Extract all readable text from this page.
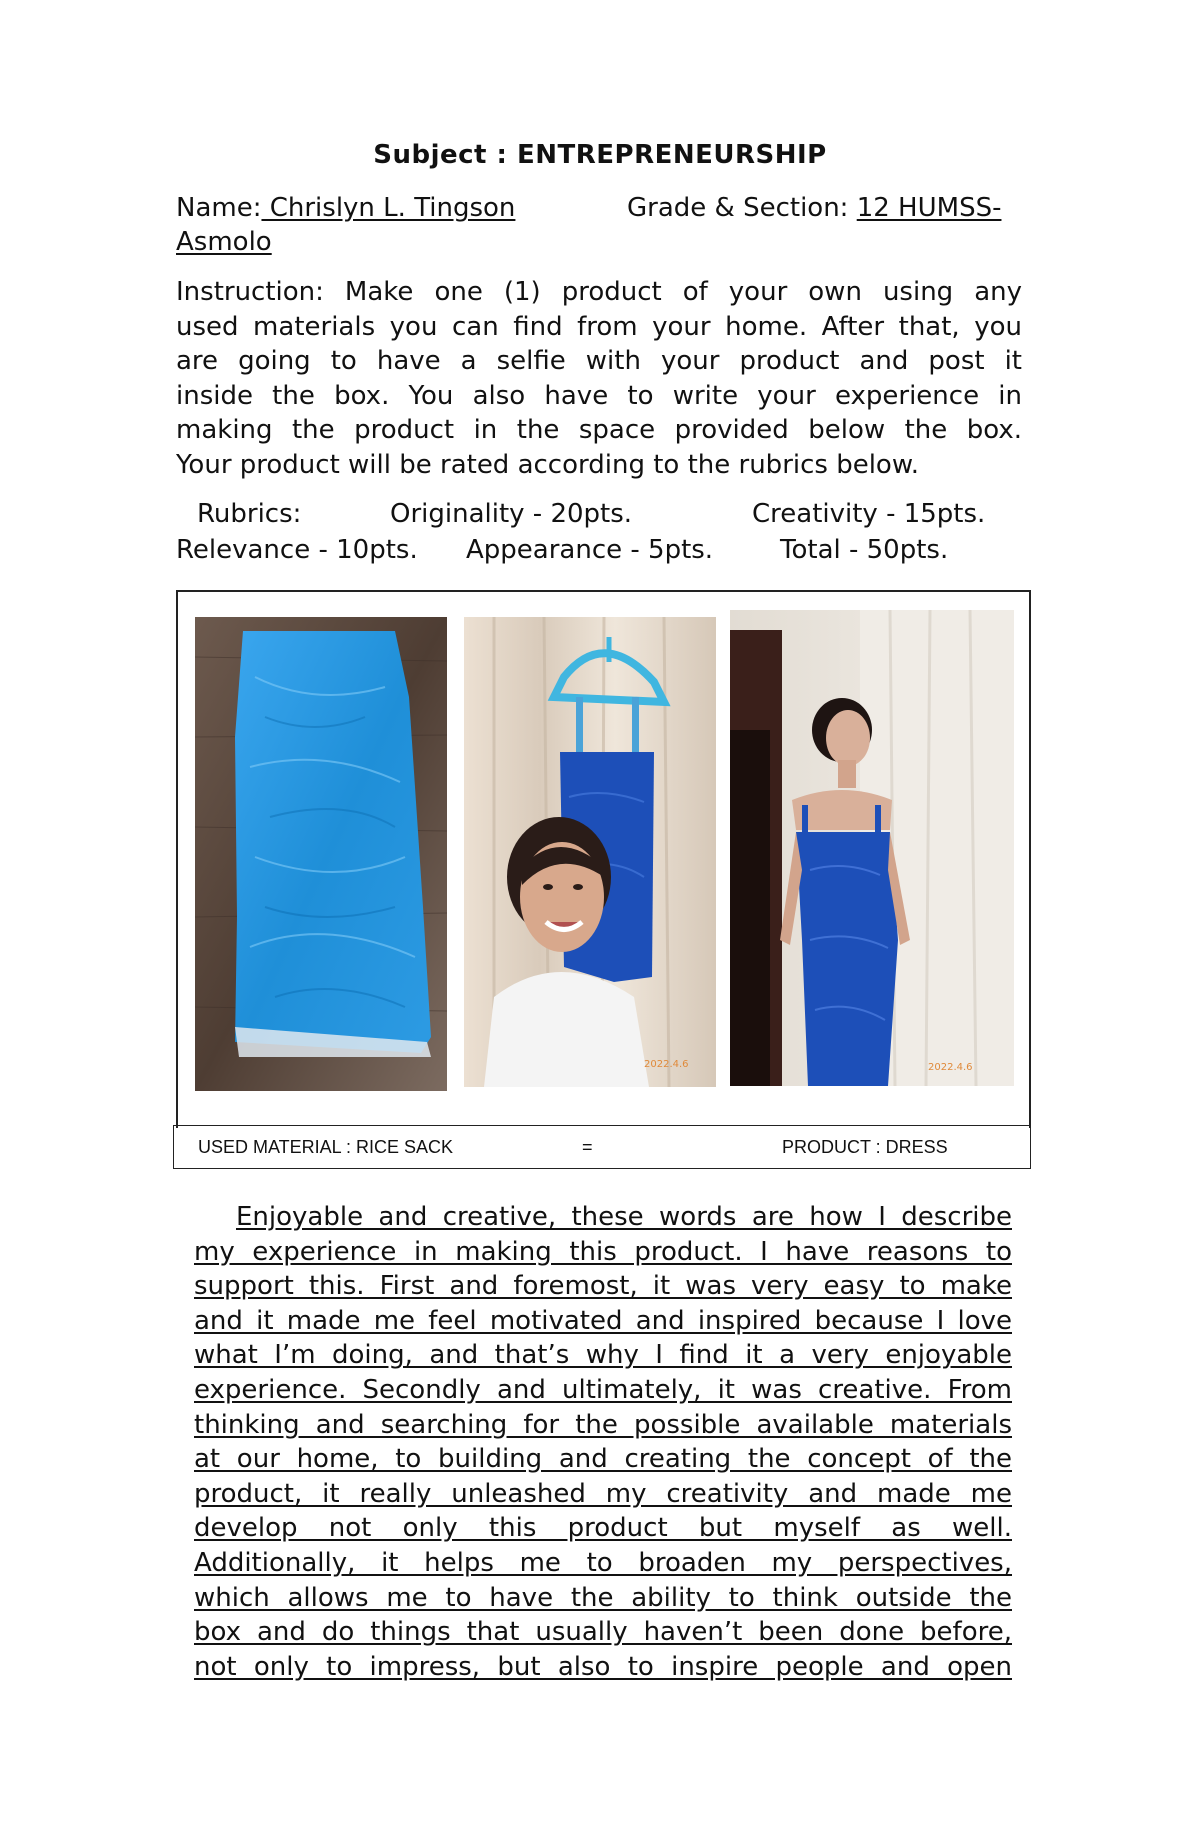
Subject : ENTREPRENEURSHIP
Name: Chrislyn L. Tingson	Grade & Section: 12 HUMSS-
Asmolo
Instruction: Make one (1) product of your own using any
used materials you can find from your home. After that, you
are going to have a selfie with your product and post it
inside the box. You also have to write your experience in
making the product in the space provided below the box.
Your product will be rated according to the rubrics below.
Rubrics:	Originality - 20pts.	Creativity - 15pts.
Relevance - 10pts. Appearance - 5pts.	Total - 50pts.
2022.4.6	2022.4.6
USED MATERIAL : RICE SACK	=	PRODUCT : DRESS
Enjoyable and creative, these words are how I describe
my experience in making this product. I have reasons to
support this. First and foremost, it was very easy to make
and it made me feel motivated and inspired because I love
what I’m doing, and that’s why I find it a very enjoyable
experience. Secondly and ultimately, it was creative. From
thinking and searching for the possible available materials
at our home, to building and creating the concept of the
product, it really unleashed my creativity and made me
develop not only this product but myself as well.
Additionally, it helps me to broaden my perspectives,
which allows me to have the ability to think outside the
box and do things that usually haven’t been done before,
not only to impress, but also to inspire people and open
